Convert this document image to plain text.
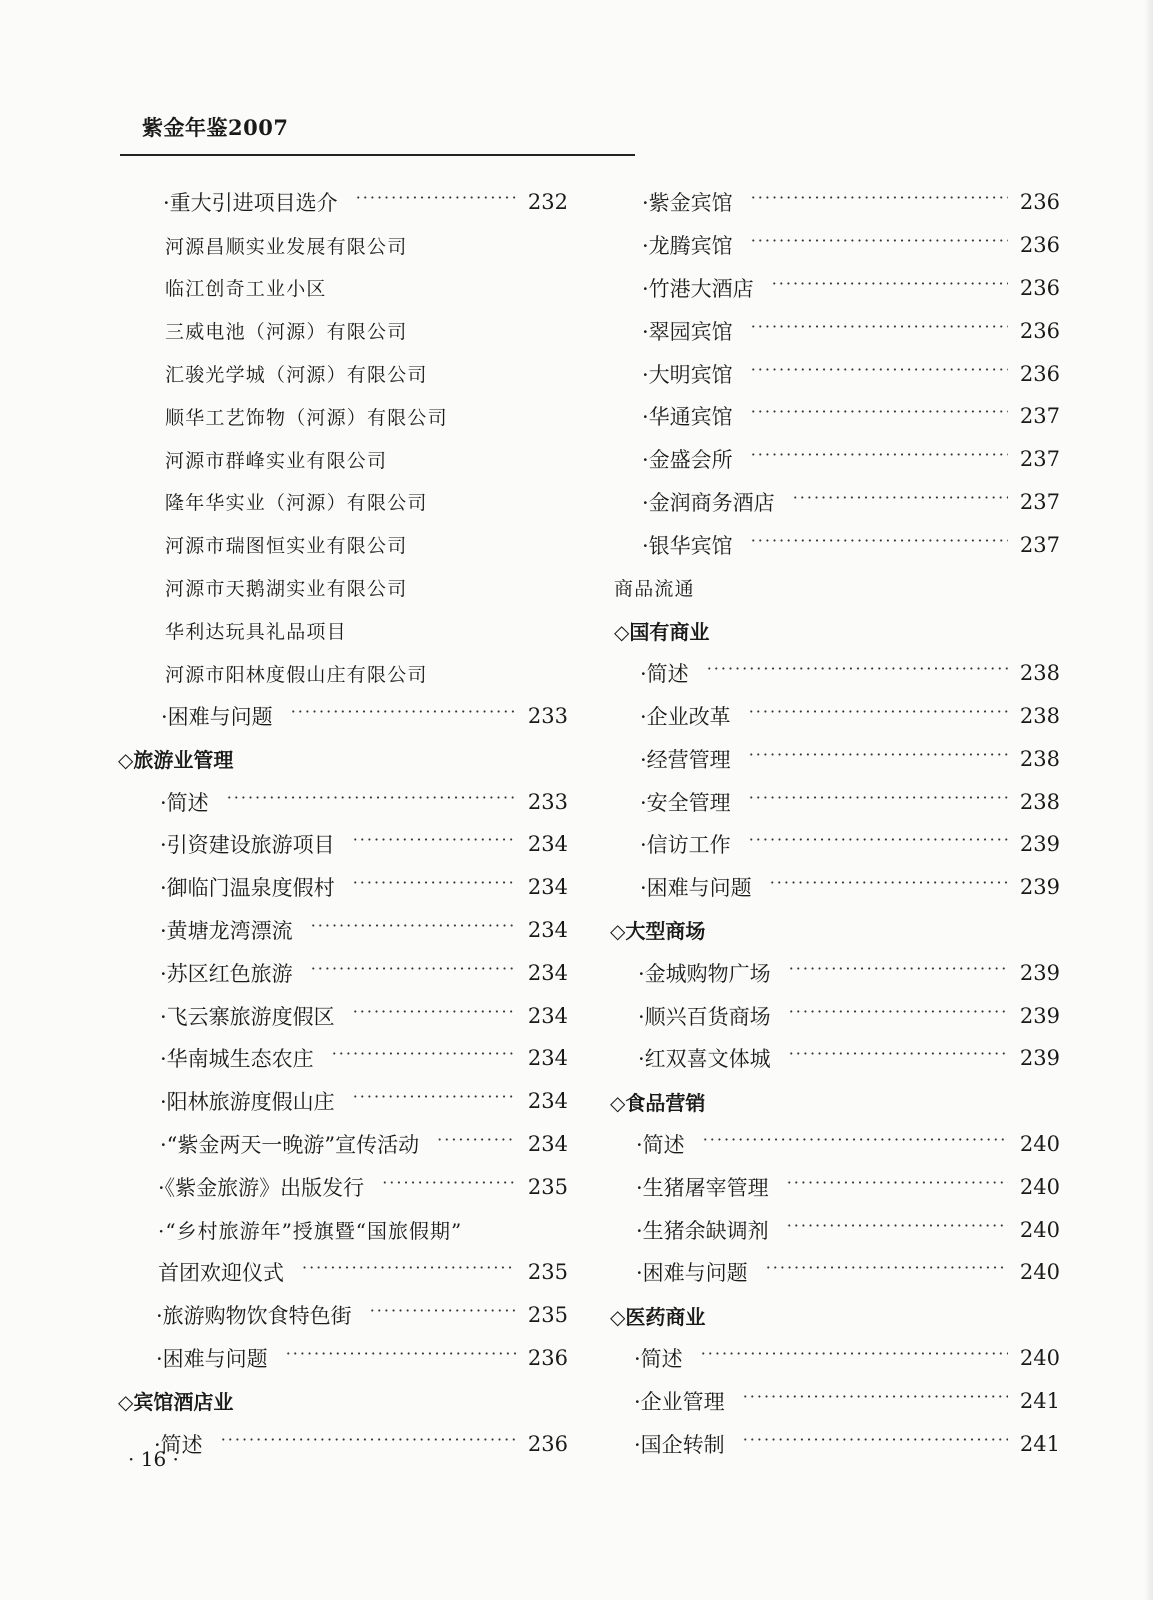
紫金年鉴2007
·重大引进项目选介 ·····	232
河源昌顺实业发展有限公司
临江创奇工业小区
三威电池（河源）有限公司
汇骏光学城（河源）有限公司
顺华工艺饰物（河源）有限公司
河源市群峰实业有限公司
隆年华实业（河源）有限公司
河源市瑞图恒实业有限公司
河源市天鹅湖实业有限公司
华利达玩具礼品项目
河源市阳林度假山庄有限公司
·困难与问题 ·····	233
◇旅游业管理
·简述 ·····	233
·引资建设旅游项目 ·····	234
·御临门温泉度假村 ·····	234
·黄塘龙湾漂流 ·····	234
·苏区红色旅游 ·····	234
·飞云寨旅游度假区 ·····	234
·华南城生态农庄 ·····	234
·阳林旅游度假山庄 ·····	234
·“紫金两天一晚游”宣传活动 ·····	234
·《紫金旅游》出版发行 ·····	235
·“乡村旅游年”授旗暨“国旅假期”
首团欢迎仪式 ·····	235
·旅游购物饮食特色街 ·····	235
·困难与问题 ·····	236
◇宾馆酒店业
·简述 ·····	236
·紫金宾馆 ·····	236
·龙腾宾馆 ·····	236
·竹港大酒店 ·····	236
·翠园宾馆 ·····	236
·大明宾馆 ·····	236
·华通宾馆 ·····	237
·金盛会所 ·····	237
·金润商务酒店 ·····	237
·银华宾馆 ·····	237
商品流通
◇国有商业
·简述 ·····	238
·企业改革 ·····	238
·经营管理 ·····	238
·安全管理 ·····	238
·信访工作 ·····	239
·困难与问题 ·····	239
◇大型商场
·金城购物广场 ·····	239
·顺兴百货商场 ·····	239
·红双喜文体城 ·····	239
◇食品营销
·简述 ·····	240
·生猪屠宰管理 ·····	240
·生猪余缺调剂 ·····	240
·困难与问题 ·····	240
◇医药商业
·简述 ·····	240
·企业管理 ·····	241
·国企转制 ·····	241
· 16 ·
